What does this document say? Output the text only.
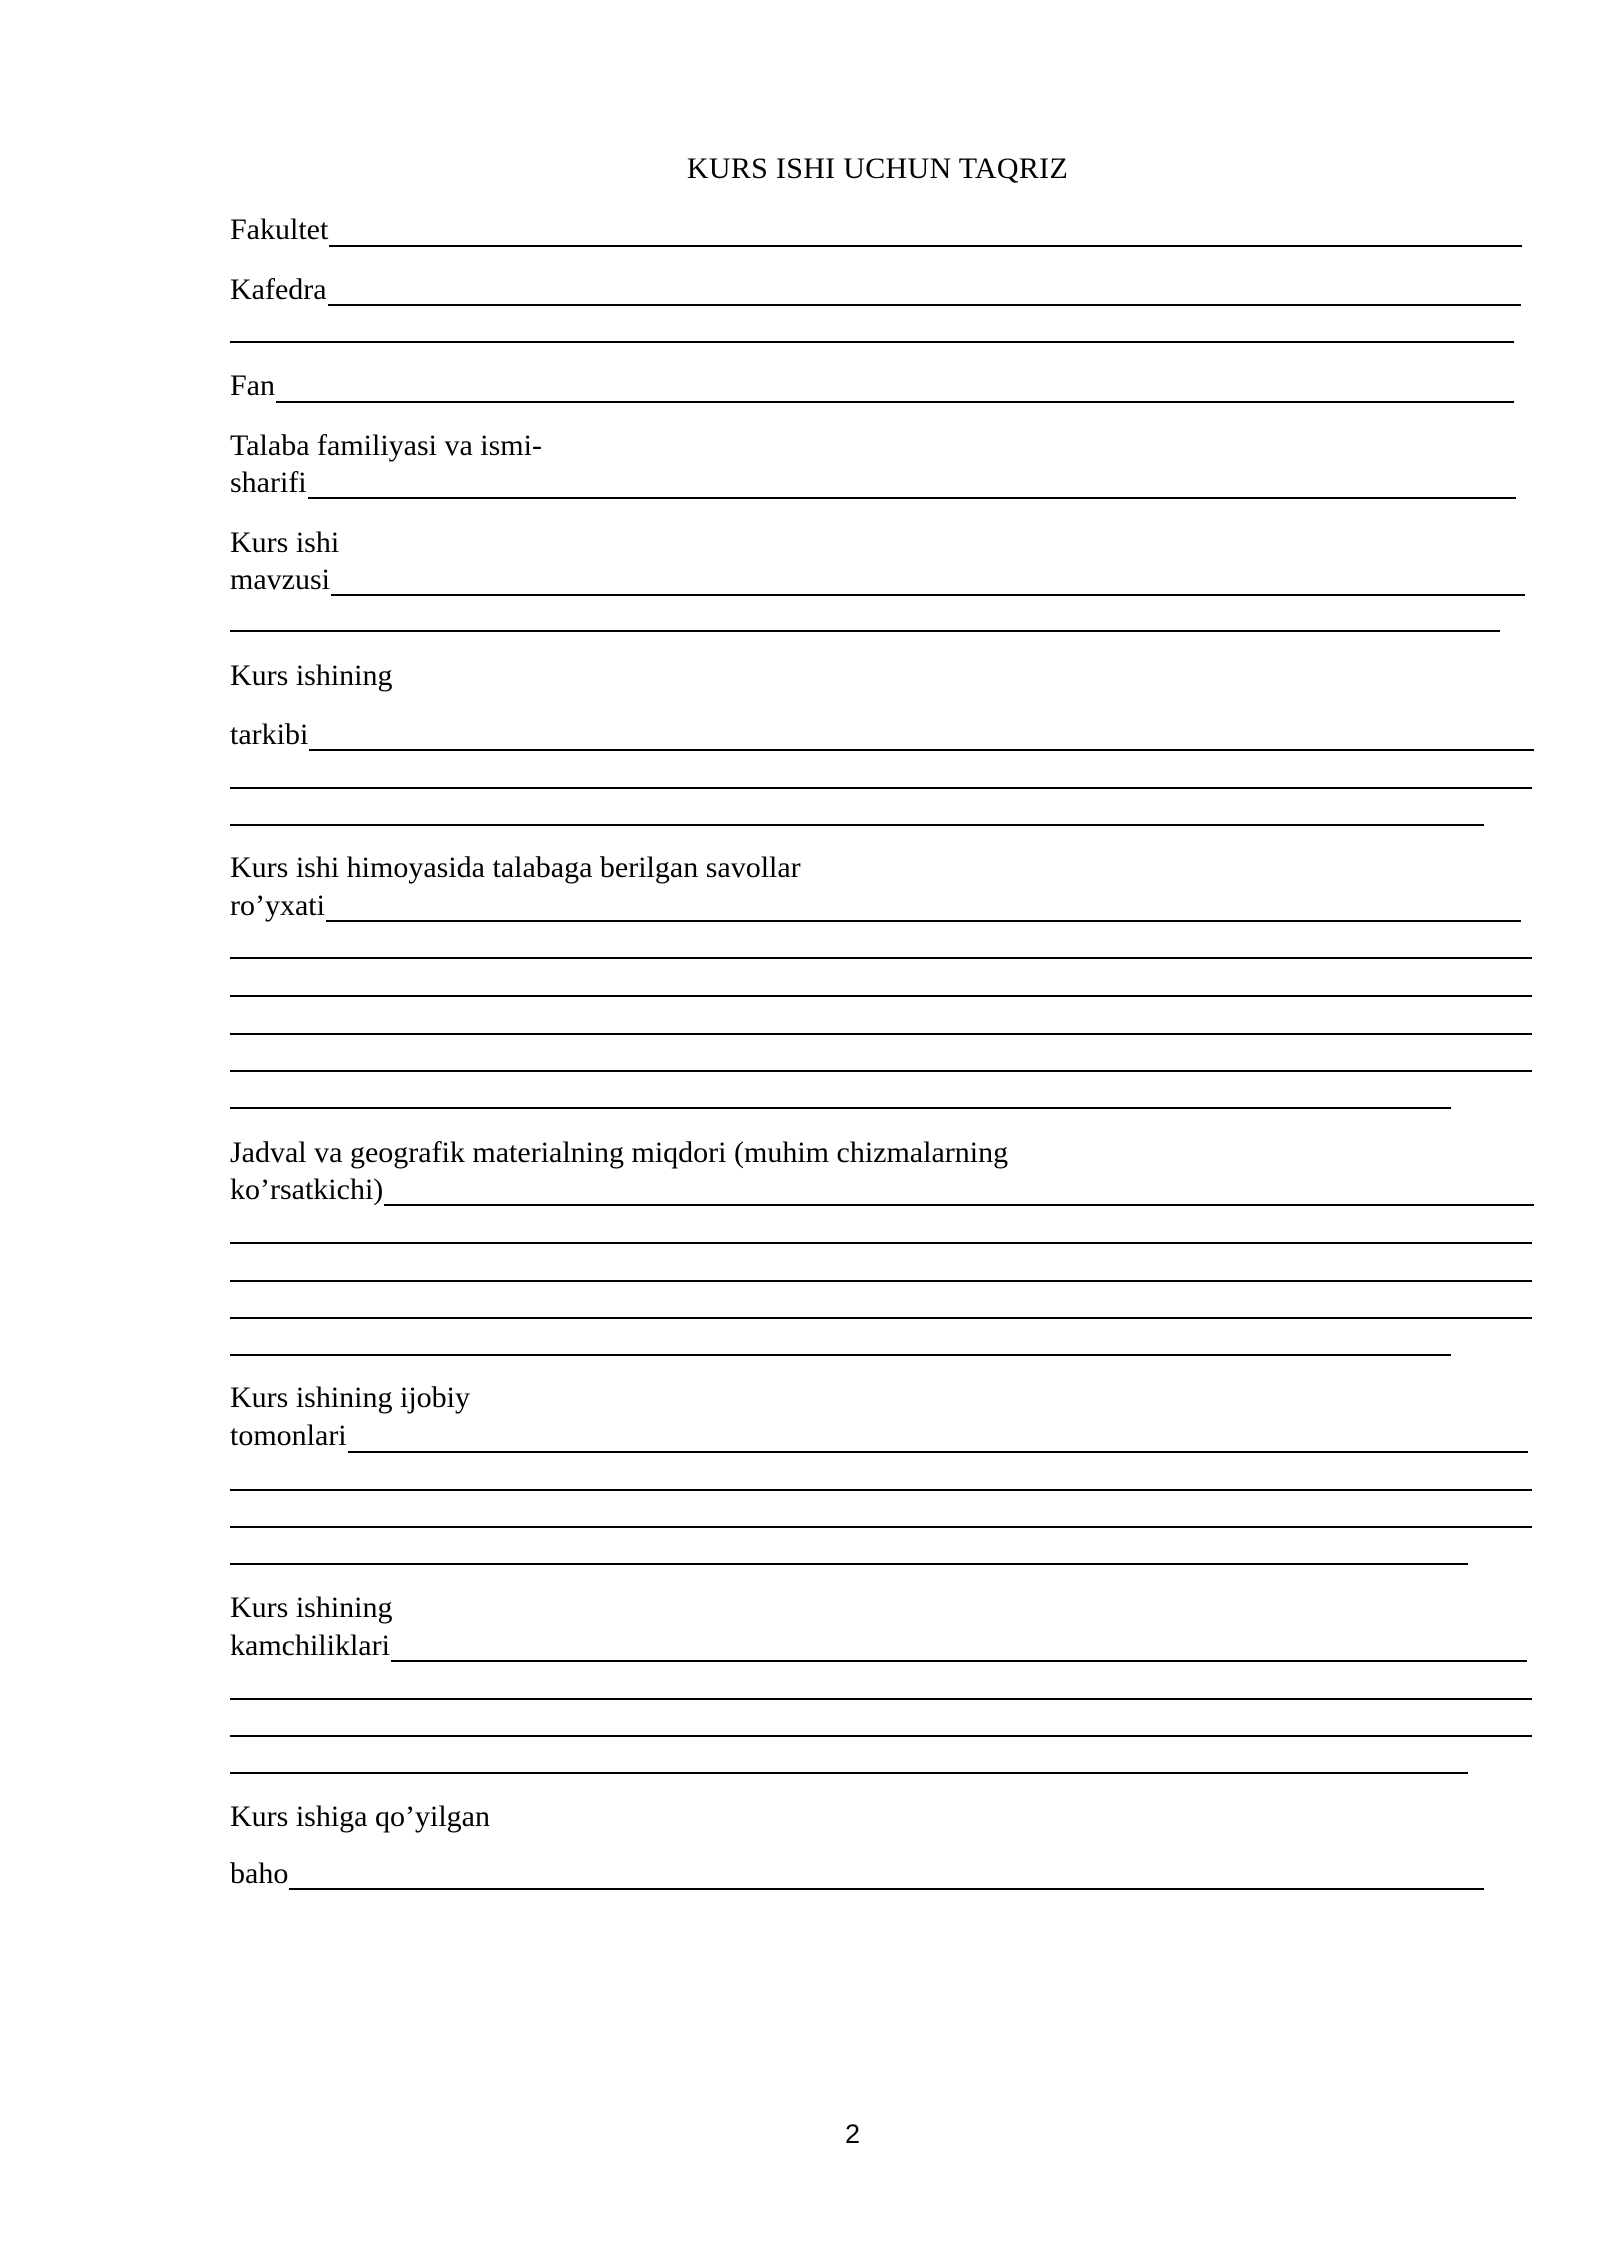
KURS ISHI UCHUN TAQRIZ
Fakultet
Kafedra
Fan
Talaba familiyasi va ismi-
sharifi
Kurs ishi
mavzusi
Kurs ishining
tarkibi
Kurs ishi himoyasida talabaga berilgan savollar
ro’yxati
Jadval va geografik materialning miqdori (muhim chizmalarning
ko’rsatkichi)
Kurs ishining ijobiy
tomonlari
Kurs ishining
kamchiliklari
Kurs ishiga qo’yilgan
baho
2
